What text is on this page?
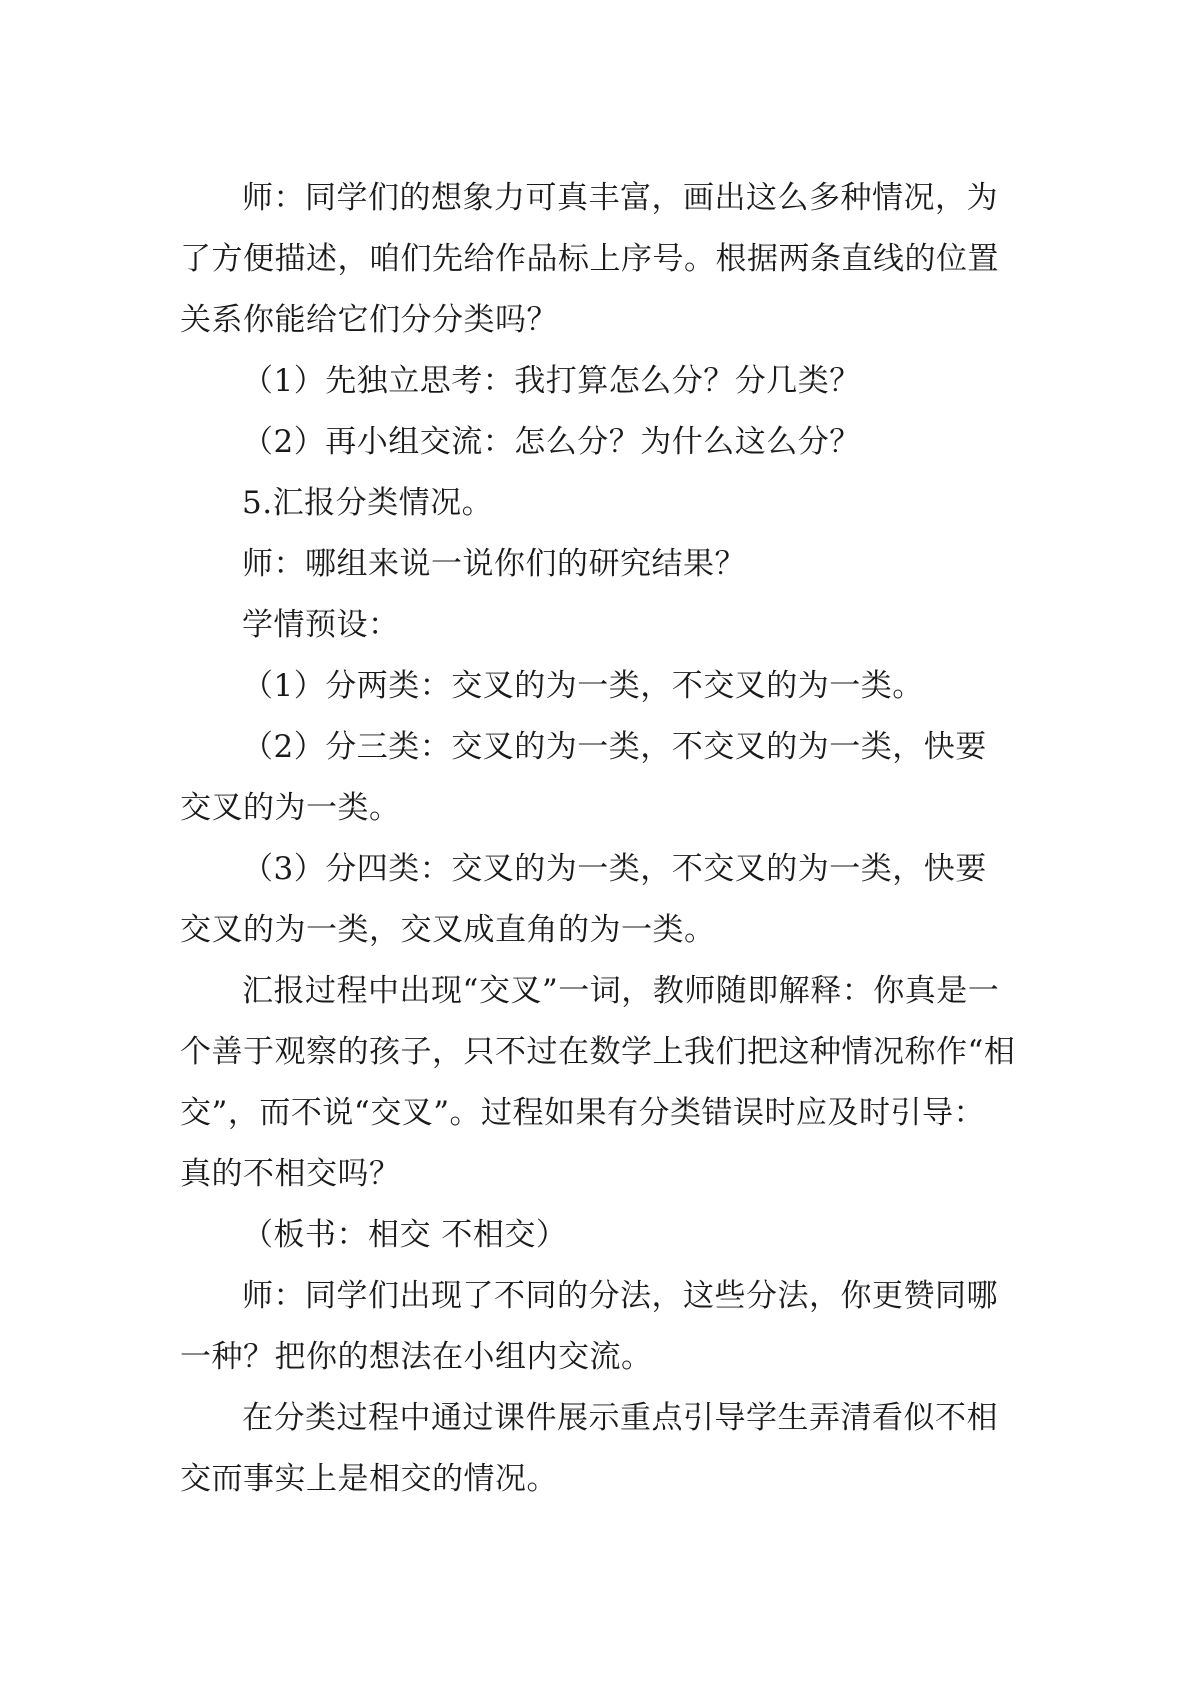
师：同学们的想象力可真丰富，画出这么多种情况，为了方便描述，咱们先给作品标上序号。根据两条直线的位置关系你能给它们分分类吗？

（1）先独立思考：我打算怎么分？分几类？

（2）再小组交流：怎么分？为什么这么分？

5.汇报分类情况。

师：哪组来说一说你们的研究结果？

学情预设：

（1）分两类：交叉的为一类，不交叉的为一类。

（2）分三类：交叉的为一类，不交叉的为一类，快要交叉的为一类。

（3）分四类：交叉的为一类，不交叉的为一类，快要交叉的为一类，交叉成直角的为一类。

汇报过程中出现“交叉”一词，教师随即解释：你真是一个善于观察的孩子，只不过在数学上我们把这种情况称作“相交”，而不说“交叉”。过程如果有分类错误时应及时引导：真的不相交吗？

（板书：相交 不相交）

师：同学们出现了不同的分法，这些分法，你更赞同哪一种？把你的想法在小组内交流。

在分类过程中通过课件展示重点引导学生弄清看似不相交而事实上是相交的情况。
